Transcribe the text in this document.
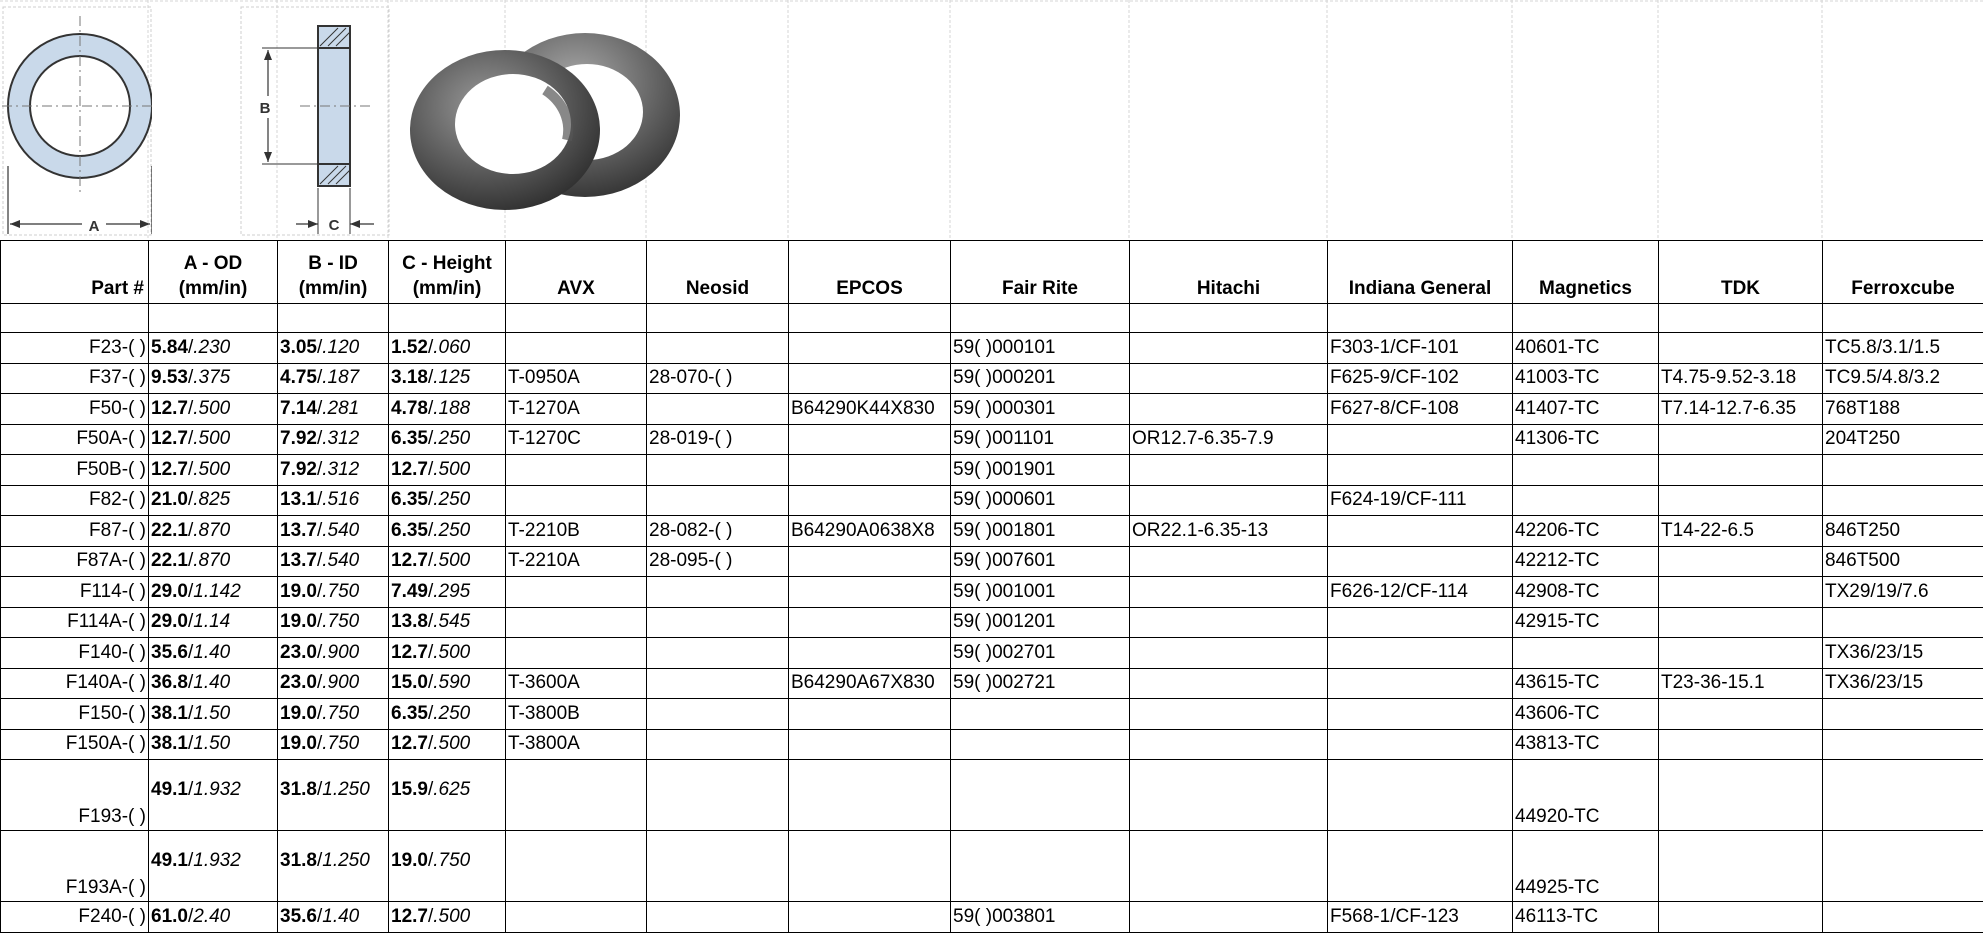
A
B
C
Part #	A - OD (mm/in)	B - ID (mm/in)	C - Height (mm/in)	AVX	Neosid	EPCOS	Fair Rite	Hitachi	Indiana General	Magnetics	TDK	Ferroxcube

F23-( )	5.84/.230	3.05/.120	1.52/.060				59( )000101		F303-1/CF-101	40601-TC		TC5.8/3.1/1.5
F37-( )	9.53/.375	4.75/.187	3.18/.125	T-0950A	28-070-( )		59( )000201		F625-9/CF-102	41003-TC	T4.75-9.52-3.18	TC9.5/4.8/3.2
F50-( )	12.7/.500	7.14/.281	4.78/.188	T-1270A		B64290K44X830	59( )000301		F627-8/CF-108	41407-TC	T7.14-12.7-6.35	768T188
F50A-( )	12.7/.500	7.92/.312	6.35/.250	T-1270C	28-019-( )		59( )001101	OR12.7-6.35-7.9		41306-TC		204T250
F50B-( )	12.7/.500	7.92/.312	12.7/.500				59( )001901					
F82-( )	21.0/.825	13.1/.516	6.35/.250				59( )000601		F624-19/CF-111			
F87-( )	22.1/.870	13.7/.540	6.35/.250	T-2210B	28-082-( )	B64290A0638X8	59( )001801	OR22.1-6.35-13		42206-TC	T14-22-6.5	846T250
F87A-( )	22.1/.870	13.7/.540	12.7/.500	T-2210A	28-095-( )		59( )007601			42212-TC		846T500
F114-( )	29.0/1.142	19.0/.750	7.49/.295				59( )001001		F626-12/CF-114	42908-TC		TX29/19/7.6
F114A-( )	29.0/1.14	19.0/.750	13.8/.545				59( )001201			42915-TC		
F140-( )	35.6/1.40	23.0/.900	12.7/.500				59( )002701					TX36/23/15
F140A-( )	36.8/1.40	23.0/.900	15.0/.590	T-3600A		B64290A67X830	59( )002721			43615-TC	T23-36-15.1	TX36/23/15
F150-( )	38.1/1.50	19.0/.750	6.35/.250	T-3800B						43606-TC		
F150A-( )	38.1/1.50	19.0/.750	12.7/.500	T-3800A						43813-TC		
F193-( )	49.1/1.932	31.8/1.250	15.9/.625							44920-TC		
F193A-( )	49.1/1.932	31.8/1.250	19.0/.750							44925-TC		
F240-( )	61.0/2.40	35.6/1.40	12.7/.500				59( )003801		F568-1/CF-123	46113-TC		
